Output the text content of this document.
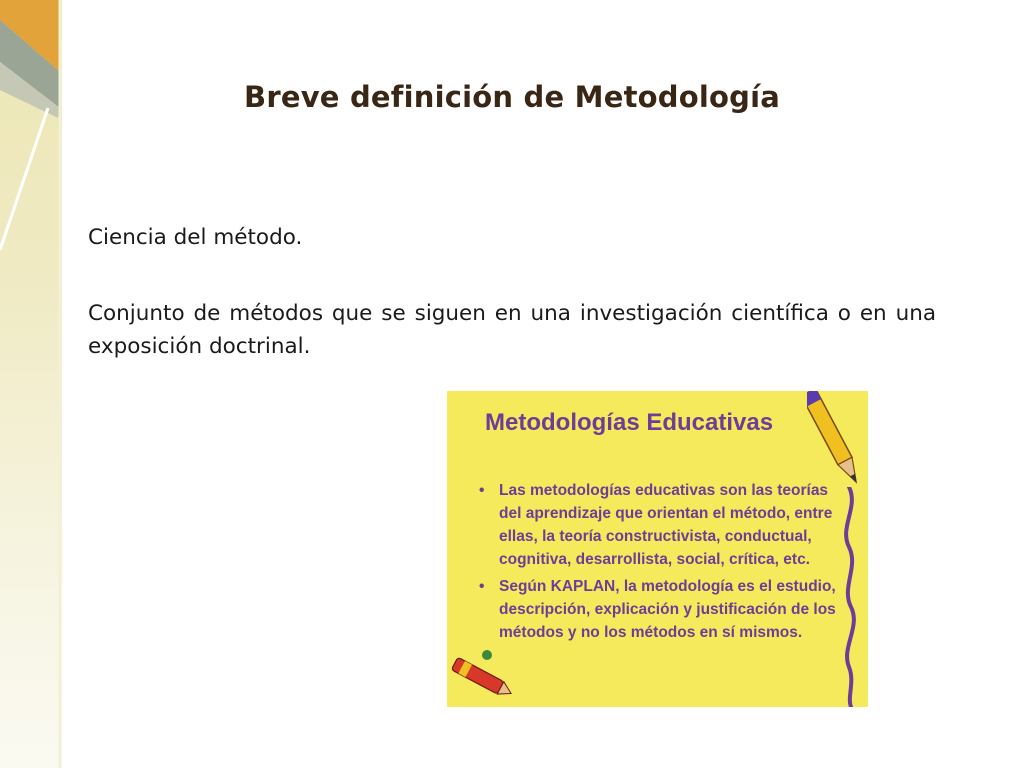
Breve definición de Metodología
Ciencia del método.
Conjunto de métodos que se siguen en una investigación científica o en una exposición doctrinal.
Metodologías Educativas
• Las metodologías educativas son las teorías del aprendizaje que orientan el método, entre ellas, la teoría constructivista, conductual, cognitiva, desarrollista, social, crítica, etc.
• Según KAPLAN, la metodología es el estudio, descripción, explicación y justificación de los métodos y no los métodos en sí mismos.
